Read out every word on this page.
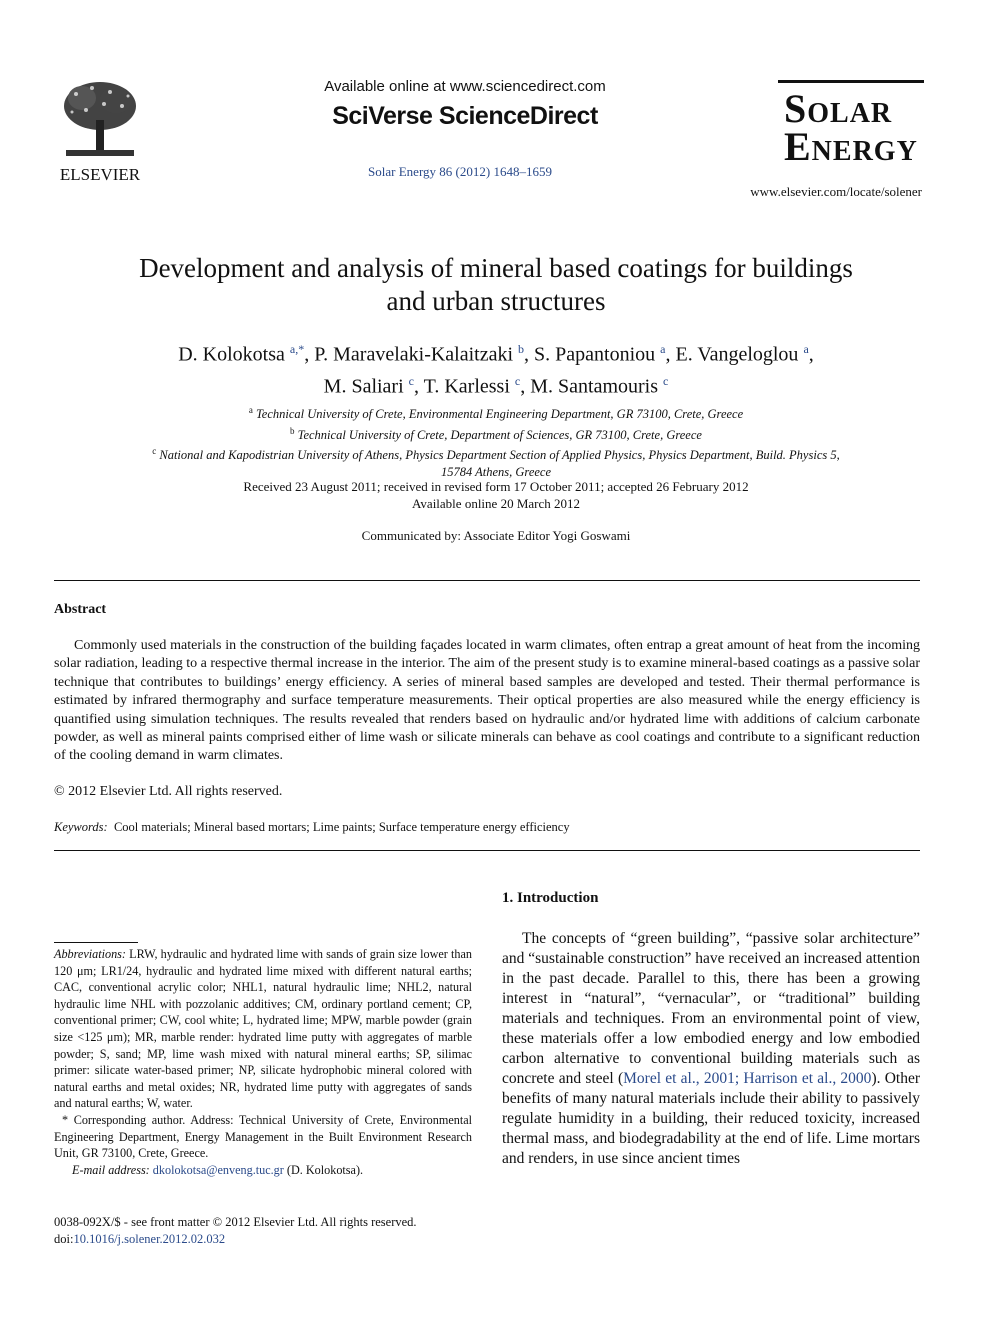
ELSEVIER
Available online at www.sciencedirect.com
SciVerse ScienceDirect
Solar Energy 86 (2012) 1648–1659
Solar
Energy
www.elsevier.com/locate/solener
Development and analysis of mineral based coatings for buildings
and urban structures
D. Kolokotsa $^{a,*}$, P. Maravelaki-Kalaitzaki $^b$, S. Papantoniou $^a$, E. Vangeloglou $^a$,
M. Saliari $^c$, T. Karlessi $^c$, M. Santamouris $^c$
$^a$ Technical University of Crete, Environmental Engineering Department, GR 73100, Crete, Greece
$^b$ Technical University of Crete, Department of Sciences, GR 73100, Crete, Greece
$^c$ National and Kapodistrian University of Athens, Physics Department Section of Applied Physics, Physics Department, Build. Physics 5,
15784 Athens, Greece
Received 23 August 2011; received in revised form 17 October 2011; accepted 26 February 2012
Available online 20 March 2012
Communicated by: Associate Editor Yogi Goswami
Abstract
Commonly used materials in the construction of the building façades located in warm climates, often entrap a great amount of heat from the incoming solar radiation, leading to a respective thermal increase in the interior. The aim of the present study is to examine mineral-based coatings as a passive solar technique that contributes to buildings’ energy efficiency. A series of mineral based samples are developed and tested. Their thermal performance is estimated by infrared thermography and surface temperature measurements. Their optical properties are also measured while the energy efficiency is quantified using simulation techniques. The results revealed that renders based on hydraulic and/or hydrated lime with additions of calcium carbonate powder, as well as mineral paints comprised either of lime wash or silicate minerals can behave as cool coatings and contribute to a significant reduction of the cooling demand in warm climates.
© 2012 Elsevier Ltd. All rights reserved.
Keywords: Cool materials; Mineral based mortars; Lime paints; Surface temperature energy efficiency
1. Introduction
The concepts of “green building”, “passive solar architecture” and “sustainable construction” have received an increased attention in the past decade. Parallel to this, there has been a growing interest in “natural”, “vernacular”, or “traditional” building materials and techniques. From an environmental point of view, these materials offer a low embodied energy and low embodied carbon alternative to conventional building materials such as concrete and steel (Morel et al., 2001; Harrison et al., 2000). Other benefits of many natural materials include their ability to passively regulate humidity in a building, their reduced toxicity, increased thermal mass, and biodegradability at the end of life. Lime mortars and renders, in use since ancient times

Abbreviations: LRW, hydraulic and hydrated lime with sands of grain size lower than 120 μm; LR1/24, hydraulic and hydrated lime mixed with different natural earths; CAC, conventional acrylic color; NHL1, natural hydraulic lime; NHL2, natural hydraulic lime NHL with pozzolanic additives; CM, ordinary portland cement; CP, conventional primer; CW, cool white; L, hydrated lime; MPW, marble powder (grain size <125 μm); MR, marble render: hydrated lime putty with aggregates of marble powder; S, sand; MP, lime wash mixed with natural mineral earths; SP, silimac primer: silicate water-based primer; NP, silicate hydrophobic mineral colored with natural earths and metal oxides; NR, hydrated lime putty with aggregates of sands and natural earths; W, water.

* Corresponding author. Address: Technical University of Crete, Environmental Engineering Department, Energy Management in the Built Environment Research Unit, GR 73100, Crete, Greece.

E-mail address: dkolokotsa@enveng.tuc.gr (D. Kolokotsa).

0038-092X/$ - see front matter © 2012 Elsevier Ltd. All rights reserved.
doi:10.1016/j.solener.2012.02.032
